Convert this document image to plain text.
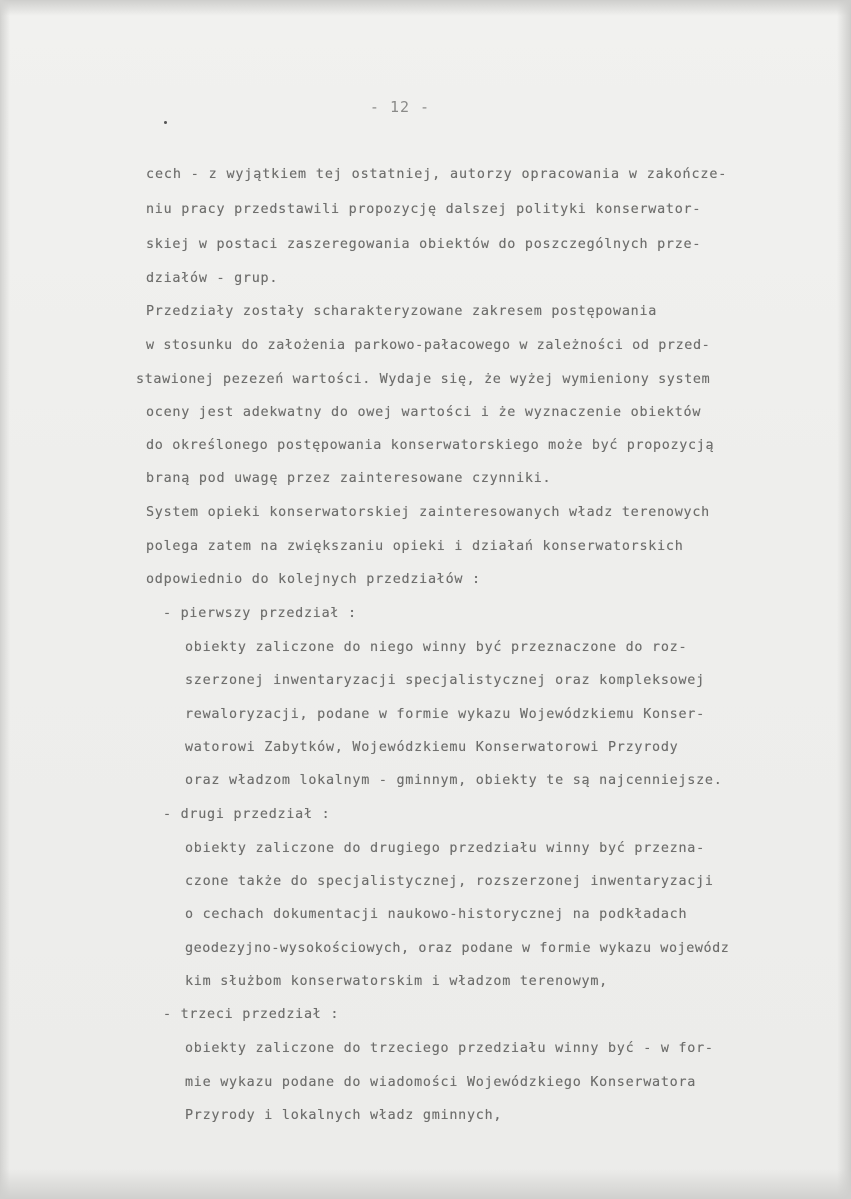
- 12 -
cech - z wyjątkiem tej ostatniej, autorzy opracowania w zakończe-
niu pracy przedstawili propozycję dalszej polityki konserwator-
skiej w postaci zaszeregowania obiektów do poszczególnych prze-
działów - grup.
Przedziały zostały scharakteryzowane zakresem postępowania
w stosunku do założenia parkowo-pałacowego w zależności od przed-
stawionej pezezeń wartości. Wydaje się, że wyżej wymieniony system
oceny jest adekwatny do owej wartości i że wyznaczenie obiektów
do określonego postępowania konserwatorskiego może być propozycją
braną pod uwagę przez zainteresowane czynniki.
System opieki konserwatorskiej zainteresowanych władz terenowych
polega zatem na zwiększaniu opieki i działań konserwatorskich
odpowiednio do kolejnych przedziałów :
- pierwszy przedział :
obiekty zaliczone do niego winny być przeznaczone do roz-
szerzonej inwentaryzacji specjalistycznej oraz kompleksowej
rewaloryzacji, podane w formie wykazu Wojewódzkiemu Konser-
watorowi Zabytków, Wojewódzkiemu Konserwatorowi Przyrody
oraz władzom lokalnym - gminnym, obiekty te są najcenniejsze.
- drugi przedział :
obiekty zaliczone do drugiego przedziału winny być przezna-
czone także do specjalistycznej, rozszerzonej inwentaryzacji
o cechach dokumentacji naukowo-historycznej na podkładach
geodezyjno-wysokościowych, oraz podane w formie wykazu wojewódz
kim służbom konserwatorskim i władzom terenowym,
- trzeci przedział :
obiekty zaliczone do trzeciego przedziału winny być - w for-
mie wykazu podane do wiadomości Wojewódzkiego Konserwatora
Przyrody i lokalnych władz gminnych,
